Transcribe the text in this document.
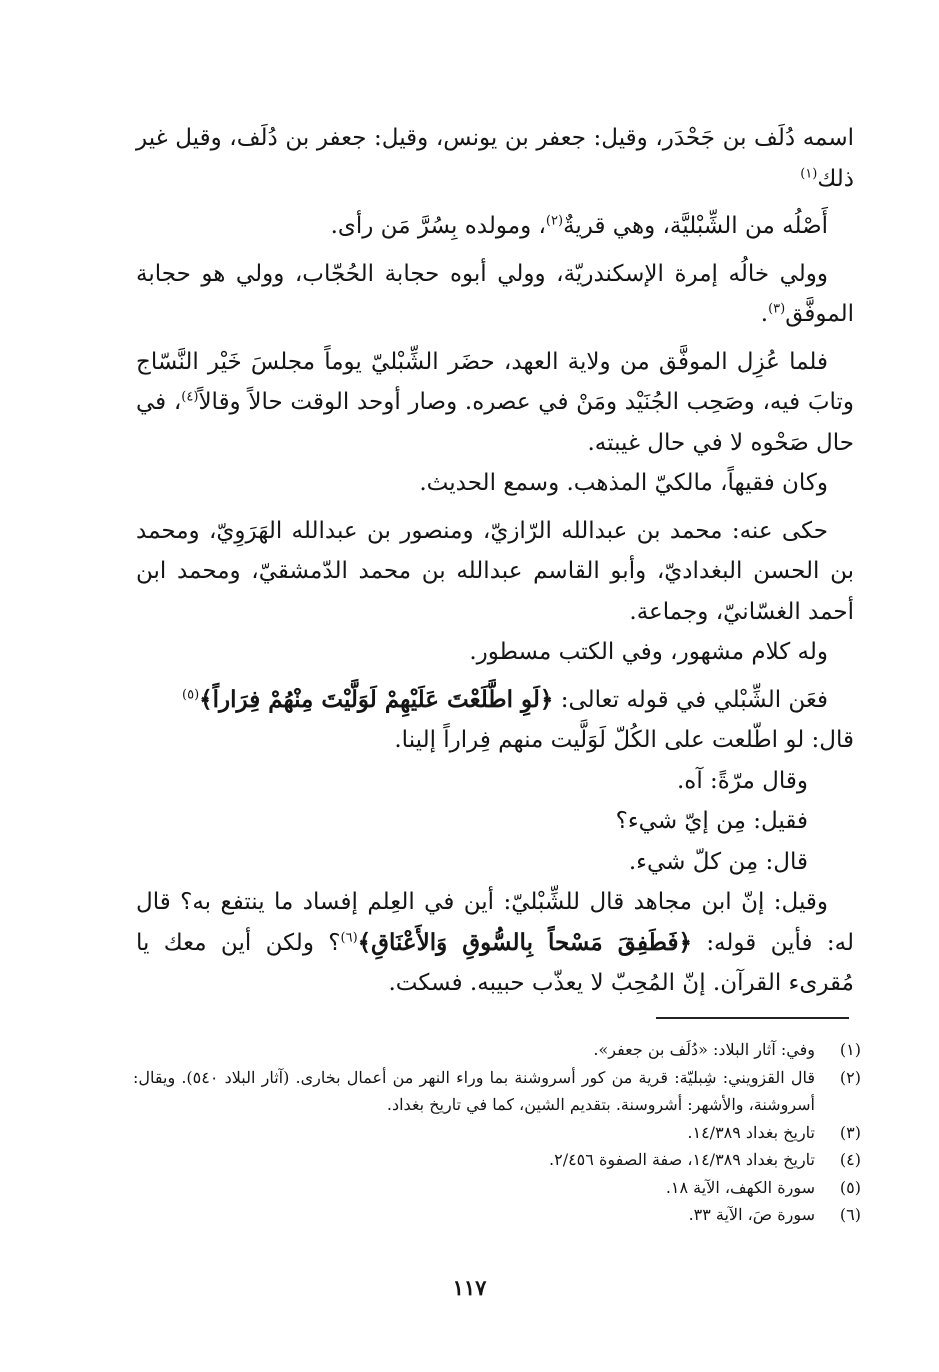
اسمه دُلَف بن جَحْدَر، وقيل: جعفر بن يونس، وقيل: جعفر بن دُلَف، وقيل غير ذلك$^{(١)}$

أَصْلُه من الشِّبْليَّة، وهي قريةٌ$^{(٢)}$، ومولده بِسُرَّ مَن رأى.

وولي خالُه إمرة الإسكندريّة، وولي أبوه حجابة الحُجّاب، وولي هو حجابة الموفَّق$^{(٣)}$.

فلما عُزِل الموفَّق من ولاية العهد، حضَر الشِّبْليّ يوماً مجلسَ خَيْر النَّسّاج وتابَ فيه، وصَحِب الجُنَيْد ومَنْ في عصره. وصار أوحد الوقت حالاً وقالاً$^{(٤)}$، في حال صَحْوه لا في حال غيبته.

وكان فقيهاً، مالكيّ المذهب. وسمع الحديث.

حكى عنه: محمد بن عبدالله الرّازيّ، ومنصور بن عبدالله الهَرَوِيّ، ومحمد بن الحسن البغداديّ، وأبو القاسم عبدالله بن محمد الدّمشقيّ، ومحمد ابن أحمد الغسّانيّ، وجماعة.

وله كلام مشهور، وفي الكتب مسطور.

فعَن الشِّبْلي في قوله تعالى: ﴿لَوِ اطَّلَعْتَ عَلَيْهِمْ لَوَلَّيْتَ مِنْهُمْ فِرَاراً﴾$^{(٥)}$

قال: لو اطّلعت على الكُلّ لَوَلَّيت منهم فِراراً إلينا.

وقال مرّةً: آه.

فقيل: مِن إيّ شيء؟

قال: مِن كلّ شيء.

وقيل: إنّ ابن مجاهد قال للشِّبْليّ: أين في العِلم إفساد ما ينتفع به؟ قال له: فأين قوله: ﴿فَطَفِقَ مَسْحاً بِالسُّوقِ وَالأَعْنَاقِ﴾$^{(٦)}$؟ ولكن أين معك يا مُقرىء القرآن. إنّ المُحِبّ لا يعذّب حبيبه. فسكت.

(١)
وفي: آثار البلاد: «دُلَف بن جعفر».
(٢)
قال القزويني: شِبليّة: قرية من كور أسروشنة بما وراء النهر من أعمال بخارى. (آثار البلاد ٥٤٠). ويقال: أسروشنة، والأشهر: أشروسنة. بتقديم الشين، كما في تاريخ بغداد.
(٣)
تاريخ بغداد ١٤/٣٨٩.
(٤)
تاريخ بغداد ١٤/٣٨٩، صفة الصفوة ٢/٤٥٦.
(٥)
سورة الكهف، الآية ١٨.
(٦)
سورة صَ، الآية ٣٣.
١١٧
